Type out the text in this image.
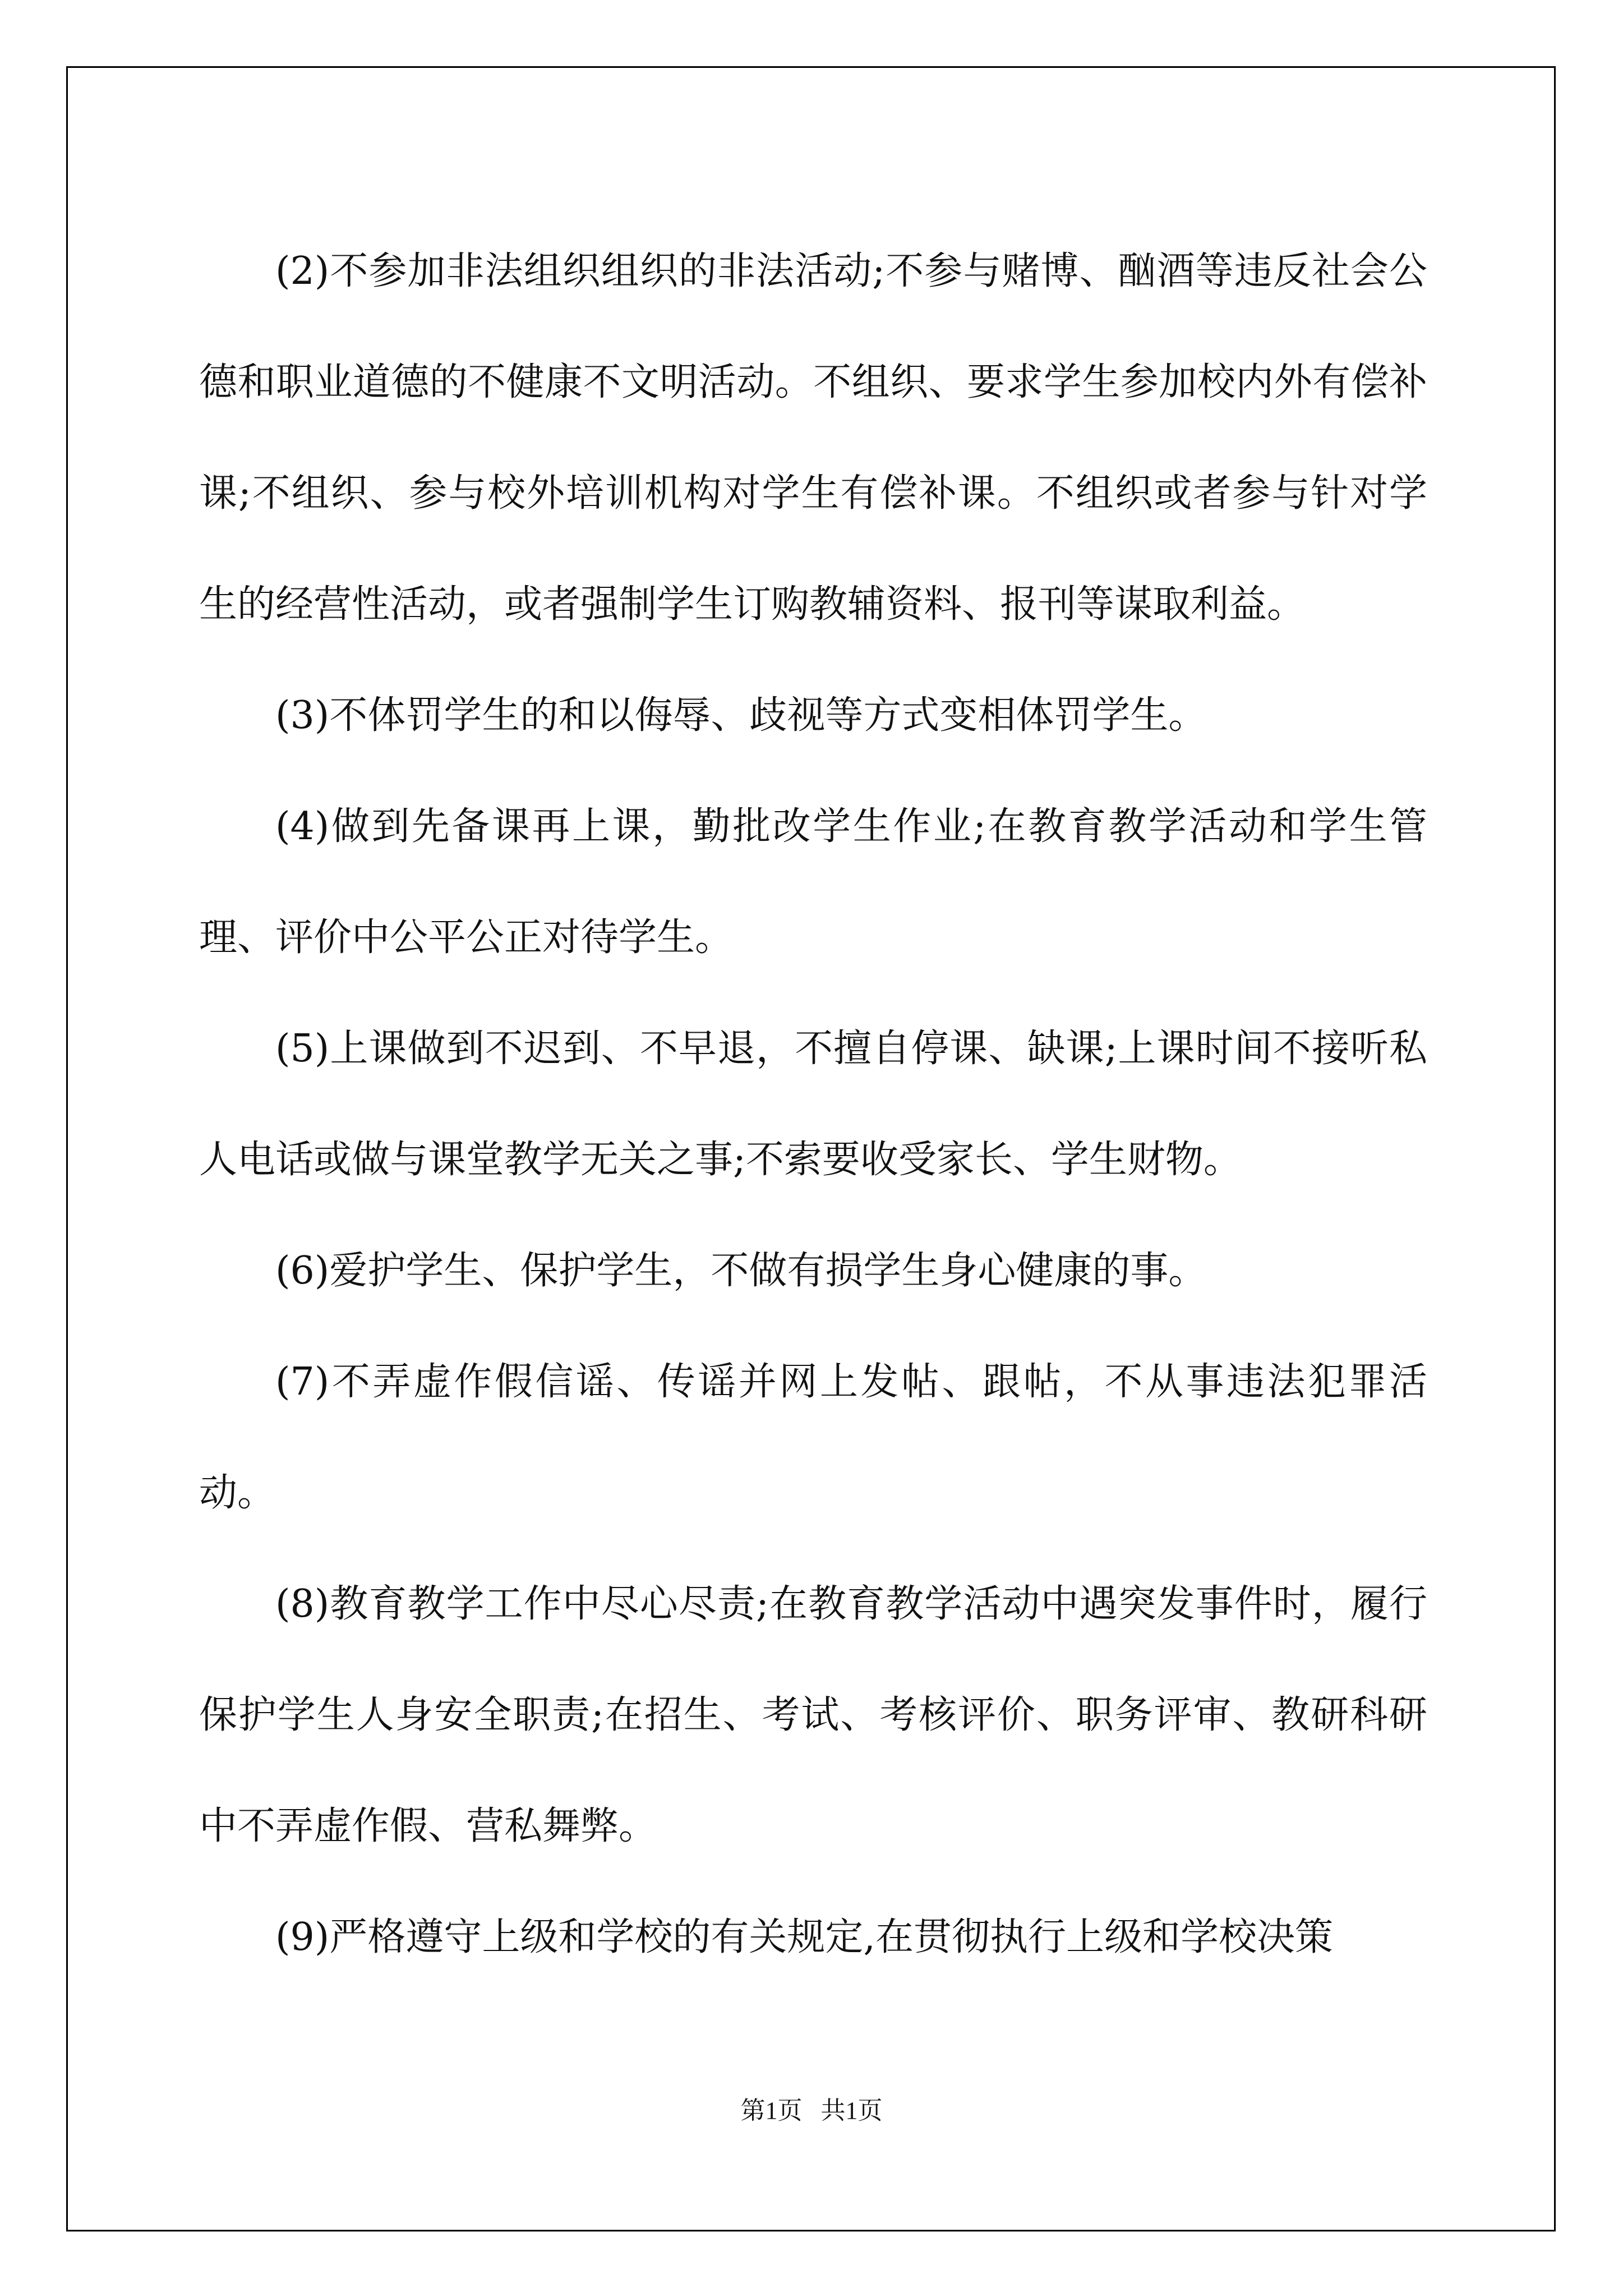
(2)不参加非法组织组织的非法活动;不参与赌博、酗酒等违反社会公德和职业道德的不健康不文明活动。不组织、要求学生参加校内外有偿补课;不组织、参与校外培训机构对学生有偿补课。不组织或者参与针对学生的经营性活动，或者强制学生订购教辅资料、报刊等谋取利益。

(3)不体罚学生的和以侮辱、歧视等方式变相体罚学生。

(4)做到先备课再上课，勤批改学生作业;在教育教学活动和学生管理、评价中公平公正对待学生。

(5)上课做到不迟到、不早退，不擅自停课、缺课;上课时间不接听私人电话或做与课堂教学无关之事;不索要收受家长、学生财物。

(6)爱护学生、保护学生，不做有损学生身心健康的事。

(7)不弄虚作假信谣、传谣并网上发帖、跟帖，不从事违法犯罪活动。

(8)教育教学工作中尽心尽责;在教育教学活动中遇突发事件时，履行保护学生人身安全职责;在招生、考试、考核评价、职务评审、教研科研中不弄虚作假、营私舞弊。

(9)严格遵守上级和学校的有关规定,在贯彻执行上级和学校决策

第1页   共1页
